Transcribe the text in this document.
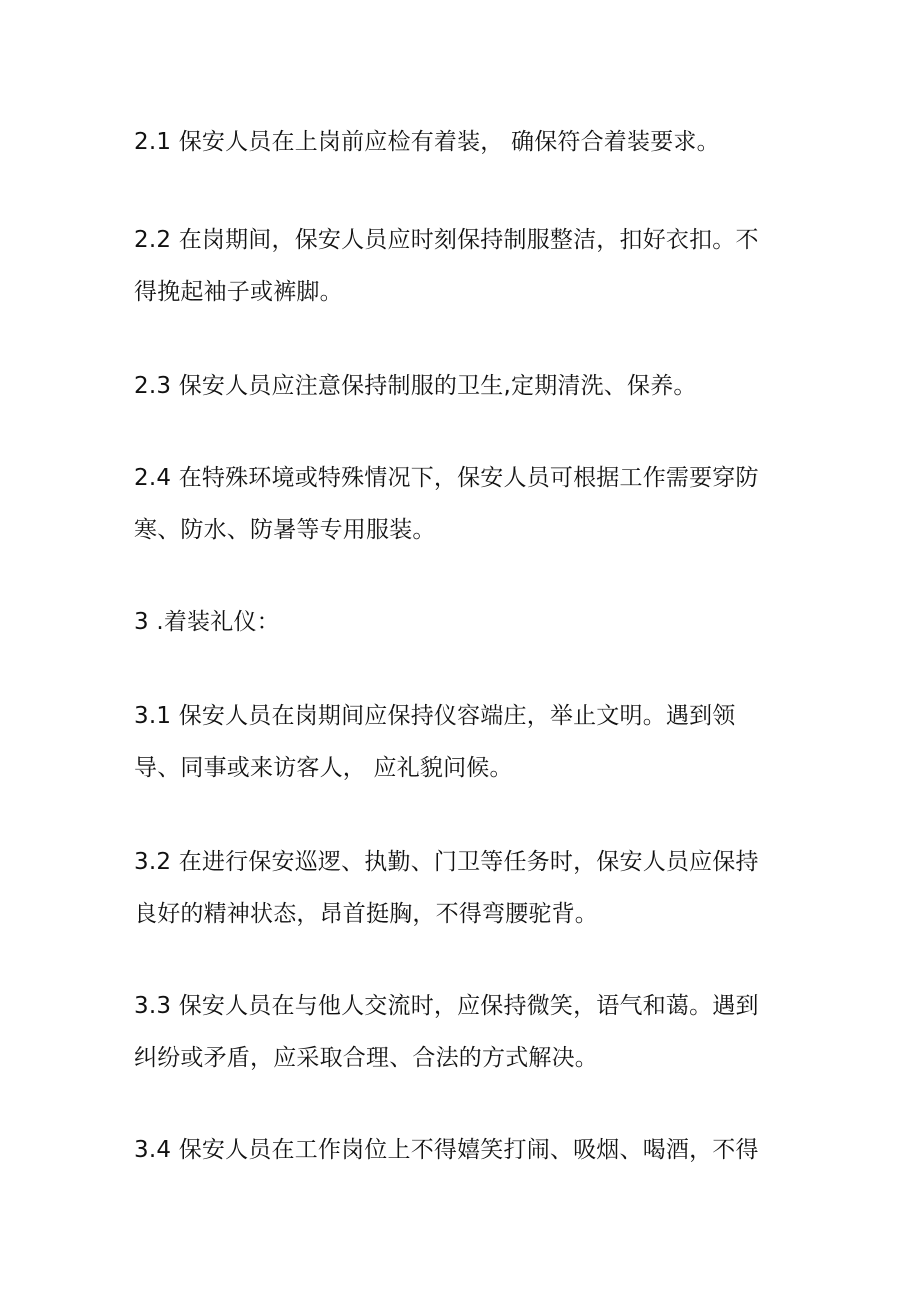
2.1 保安人员在上岗前应检有着装， 确保符合着装要求。
2.2 在岗期间，保安人员应时刻保持制服整洁，扣好衣扣。不
得挽起袖子或裤脚。
2.3 保安人员应注意保持制服的卫生,定期清洗、保养。
2.4 在特殊环境或特殊情况下，保安人员可根据工作需要穿防
寒、防水、防暑等专用服装。
3 .着装礼仪：
3.1 保安人员在岗期间应保持仪容端庄，举止文明。遇到领
导、同事或来访客人， 应礼貌问候。
3.2 在进行保安巡逻、执勤、门卫等任务时，保安人员应保持
良好的精神状态，昂首挺胸，不得弯腰驼背。
3.3 保安人员在与他人交流时，应保持微笑，语气和蔼。遇到
纠纷或矛盾，应采取合理、合法的方式解决。
3.4 保安人员在工作岗位上不得嬉笑打闹、吸烟、喝酒，不得
